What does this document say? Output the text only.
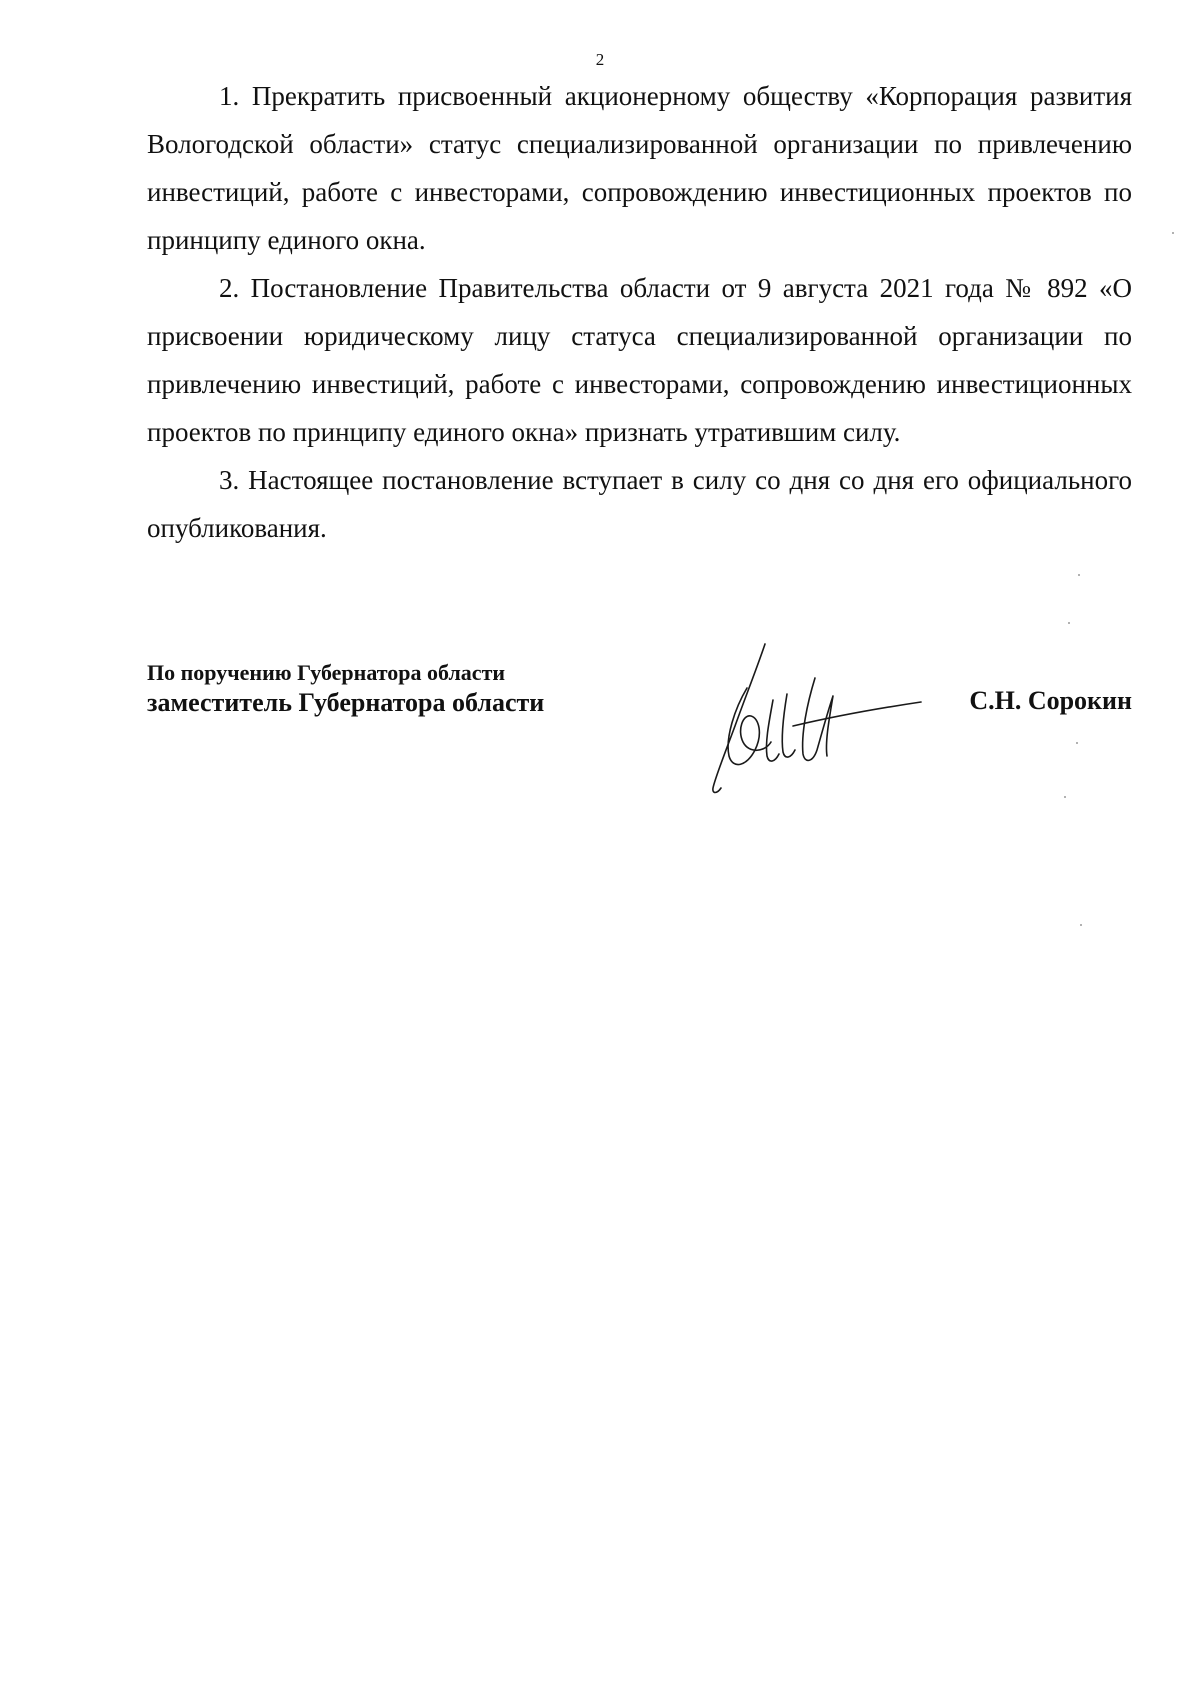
2

1. Прекратить присвоенный акционерному обществу «Корпорация развития Вологодской области» статус специализированной организации по привлечению инвестиций, работе с инвесторами, сопровождению инвестиционных проектов по принципу единого окна.

2. Постановление Правительства области от 9 августа 2021 года № 892 «О присвоении юридическому лицу статуса специализированной организации по привлечению инвестиций, работе с инвесторами, сопровождению инвестиционных проектов по принципу единого окна» признать утратившим силу.

3. Настоящее постановление вступает в силу со дня со дня его официального опубликования.

По поручению Губернатора области
заместитель Губернатора области	С.Н. Сорокин
